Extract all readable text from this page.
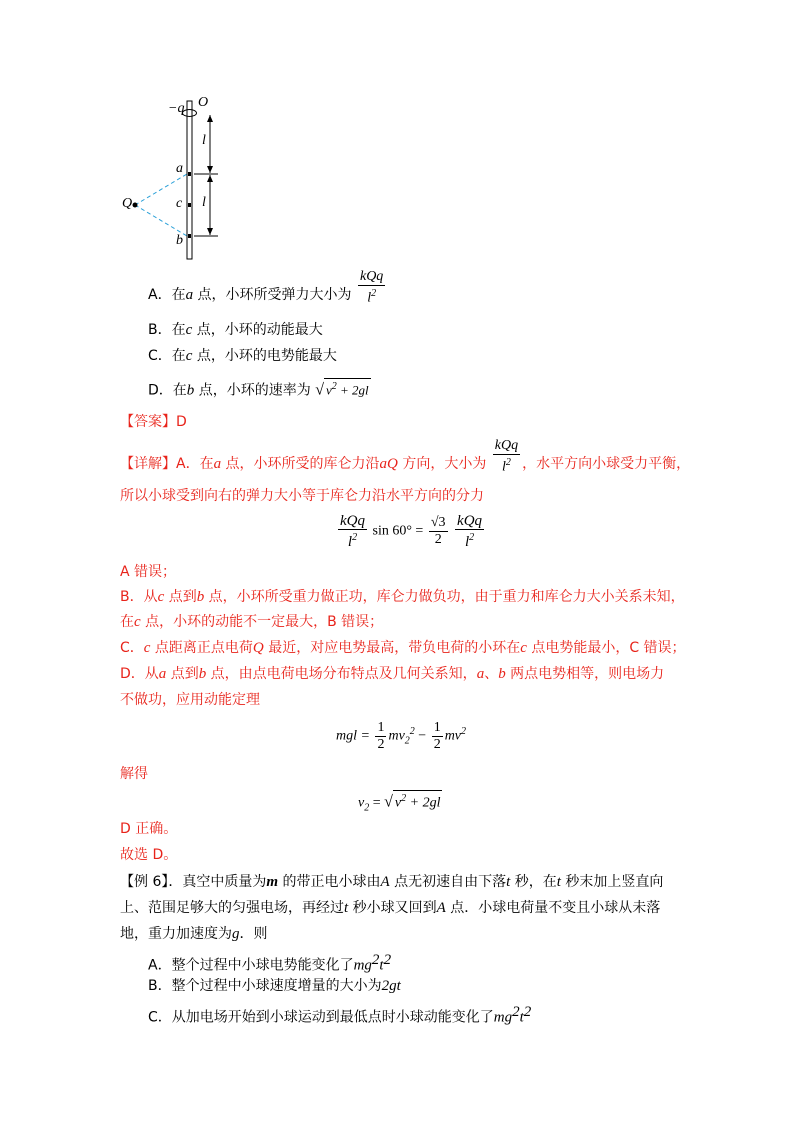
−q O
l
l
a
c
b
Q
A．在a 点，小环所受弹力大小为 $\frac{\text{kQq}}{l^2}$
B．在c 点，小环的动能最大
C．在c 点，小环的电势能最大
D．在b 点，小环的速率为 √ $v^2 + 2gl$
【答案】D
【详解】A．在a 点，小环所受的库仑力沿aQ 方向，大小为 $\frac{\text{kQq}}{l^2}$ ，水平方向小球受力平衡，
所以小球受到向右的弹力大小等于库仑力沿水平方向的分力
$\frac{\text{kQq}}{l^2}$ $\sin 60^\circ = \frac{√3}{2}$
$\frac{\text{kQq}}{l^2}$
A 错误；
B．从c 点到b 点，小环所受重力做正功，库仑力做负功，由于重力和库仑力大小关系未知，
在c 点，小环的动能不一定最大，B 错误；
C．c 点距离正点电荷Q 最近，对应电势最高，带负电荷的小环在c 点电势能最小，C 错误；
D．从a 点到b 点，由点电荷电场分布特点及几何关系知，a、b 两点电势相等，则电场力
不做功，应用动能定理
mgl = $\frac{1}{2} mv_2^2 - \frac{1}{2} mv^2$
解得
$v_2$ = √ $v^2 + 2gl$
D 正确。
故选 D。
【例 6】．真空中质量为m 的带正电小球由A 点无初速自由下落t 秒，在t 秒末加上竖直向
上、范围足够大的匀强电场，再经过t 秒小球又回到A 点．小球电荷量不变且小球从未落
地，重力加速度为g．则
A．整个过程中小球电势能变化了$mg^2t^2$
B．整个过程中小球速度增量的大小为2gt
C．从加电场开始到小球运动到最低点时小球动能变化了$mg^2t^2$
